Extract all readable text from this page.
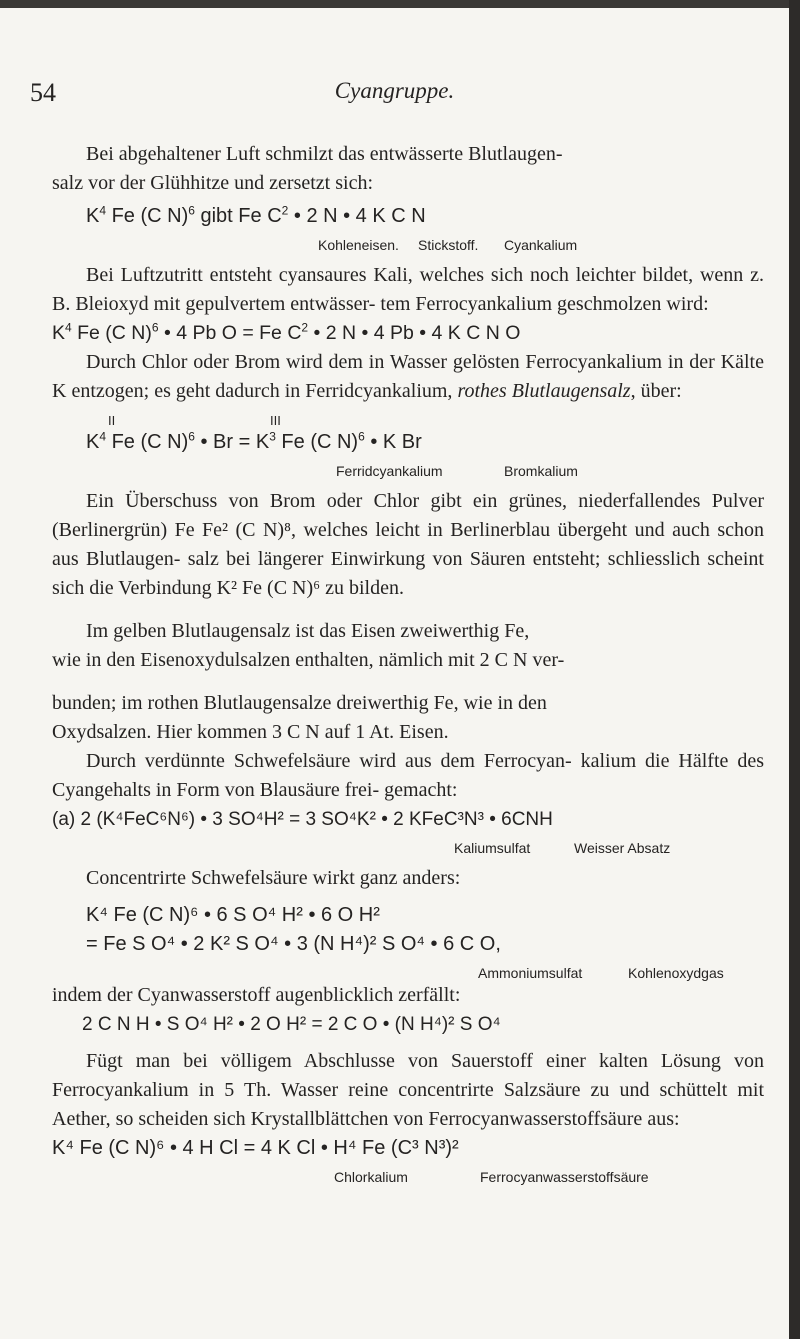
54	Cyangruppe.

Bei abgehaltener Luft schmilzt das entwässerte Blutlaugen-

salz vor der Glühhitze und zersetzt sich:

$K^4$ Fe (C N)$^6$ gibt Fe $C^2$ • 2 N • 4 K C N
Kohleneisen. Stickstoff. Cyankalium

Bei Luftzutritt entsteht cyansaures Kali, welches sich noch leichter bildet, wenn z. B. Bleioxyd mit gepulvertem entwässer- tem Ferrocyankalium geschmolzen wird:

$K^4$ Fe (C N)$^6$ • 4 Pb O = Fe $C^2$ • 2 N • 4 Pb • 4 K C N O

Durch Chlor oder Brom wird dem in Wasser gelösten Ferrocyankalium in der Kälte K entzogen; es geht dadurch in Ferridcyankalium, rothes Blutlaugensalz, über:

II	III
$K^4$ Fe (C N)$^6$ • $Br = K^3$ Fe (C N)$^6$ • K Br
Ferridcyankalium	Bromkalium

Ein Überschuss von Brom oder Chlor gibt ein grünes, niederfallendes Pulver (Berlinergrün) Fe Fe² (C N)⁸, welches leicht in Berlinerblau übergeht und auch schon aus Blutlaugen- salz bei längerer Einwirkung von Säuren entsteht; schliesslich scheint sich die Verbindung K² Fe (C N)⁶ zu bilden.

Im gelben Blutlaugensalz ist das Eisen zweiwerthig Fe,

wie in den Eisenoxydulsalzen enthalten, nämlich mit 2 C N ver-

bunden; im rothen Blutlaugensalze dreiwerthig Fe, wie in den

Oxydsalzen. Hier kommen 3 C N auf 1 At. Eisen.

Durch verdünnte Schwefelsäure wird aus dem Ferrocyan- kalium die Hälfte des Cyangehalts in Form von Blausäure frei- gemacht:

(a) 2 (K⁴FeC⁶N⁶) • 3 SO⁴H² = 3 SO⁴K² • 2 KFeC³N³ • 6CNH
Kaliumsulfat	Weisser Absatz

Concentrirte Schwefelsäure wirkt ganz anders:

K⁴ Fe (C N)⁶ • 6 S O⁴ H² • 6 O H²
= Fe S O⁴ • 2 K² S O⁴ • 3 (N H⁴)² S O⁴ • 6 C O,
Ammoniumsulfat	Kohlenoxydgas

indem der Cyanwasserstoff augenblicklich zerfällt:

2 C N H • S O⁴ H² • 2 O H² = 2 C O • (N H⁴)² S O⁴

Fügt man bei völligem Abschlusse von Sauerstoff einer kalten Lösung von Ferrocyankalium in 5 Th. Wasser reine concentrirte Salzsäure zu und schüttelt mit Aether, so scheiden sich Krystallblättchen von Ferrocyanwasserstoffsäure aus:

K⁴ Fe (C N)⁶ • 4 H Cl = 4 K Cl • H⁴ Fe (C³ N³)²
Chlorkalium	Ferrocyanwasserstoffsäure
